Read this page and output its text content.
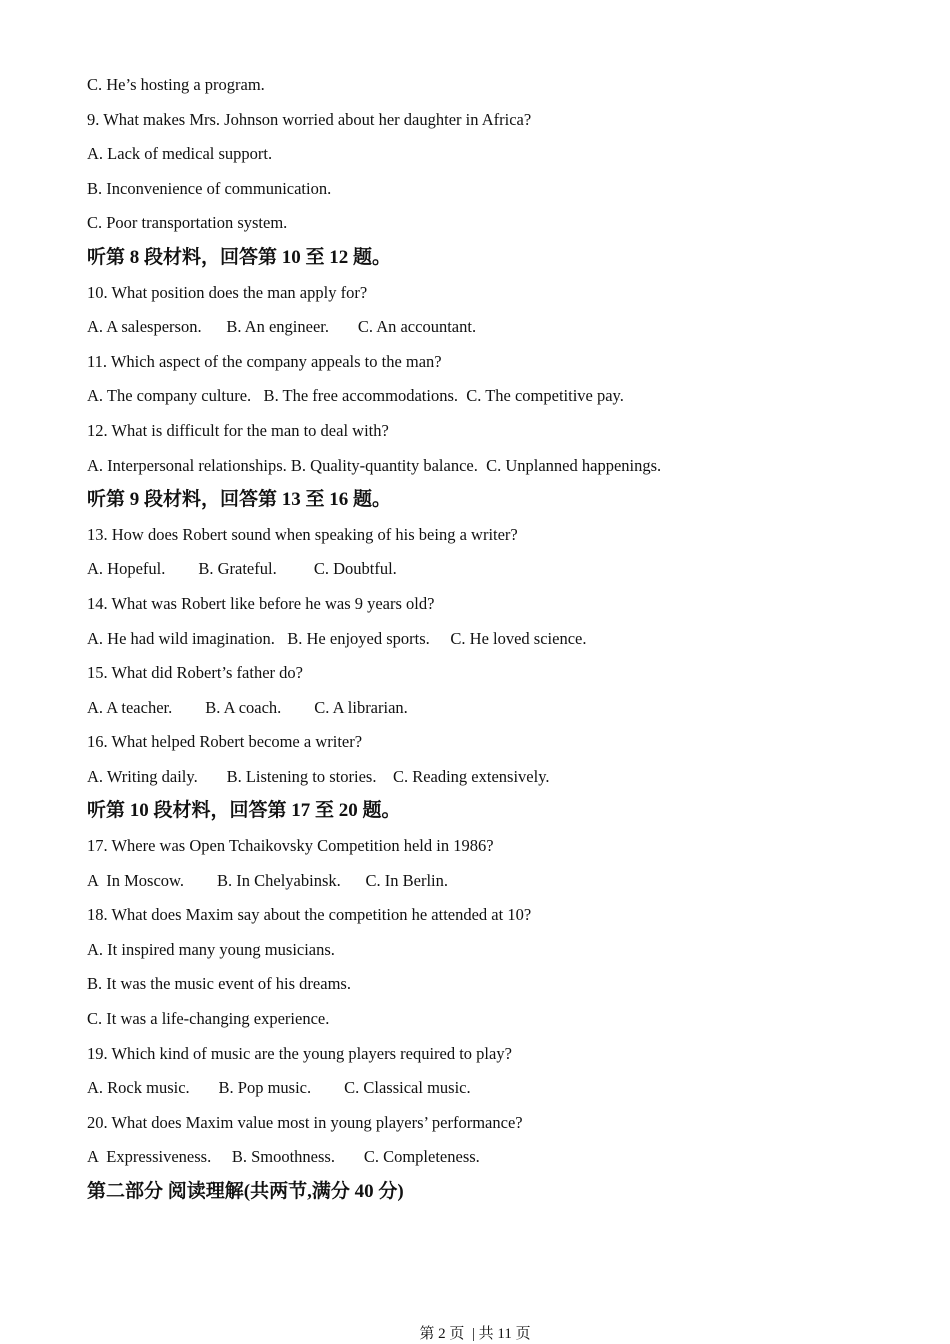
C. He’s hosting a program.
9. What makes Mrs. Johnson worried about her daughter in Africa?
A. Lack of medical support.
B. Inconvenience of communication.
C. Poor transportation system.
听第 8 段材料，回答第 10 至 12 题。
10. What position does the man apply for?
A. A salesperson.      B. An engineer.       C. An accountant.
11. Which aspect of the company appeals to the man?
A. The company culture.   B. The free accommodations.  C. The competitive pay.
12. What is difficult for the man to deal with?
A. Interpersonal relationships. B. Quality-quantity balance.  C. Unplanned happenings.
听第 9 段材料，回答第 13 至 16 题。
13. How does Robert sound when speaking of his being a writer?
A. Hopeful.        B. Grateful.         C. Doubtful.
14. What was Robert like before he was 9 years old?
A. He had wild imagination.   B. He enjoyed sports.     C. He loved science.
15. What did Robert’s father do?
A. A teacher.        B. A coach.        C. A librarian.
16. What helped Robert become a writer?
A. Writing daily.       B. Listening to stories.    C. Reading extensively.
听第 10 段材料，回答第 17 至 20 题。
17. Where was Open Tchaikovsky Competition held in 1986?
A  In Moscow.        B. In Chelyabinsk.      C. In Berlin.
18. What does Maxim say about the competition he attended at 10?
A. It inspired many young musicians.
B. It was the music event of his dreams.
C. It was a life-changing experience.
19. Which kind of music are the young players required to play?
A. Rock music.       B. Pop music.        C. Classical music.
20. What does Maxim value most in young players’ performance?
A  Expressiveness.     B. Smoothness.       C. Completeness.
第二部分 阅读理解(共两节,满分 40 分)
第 2 页  | 共 11 页
